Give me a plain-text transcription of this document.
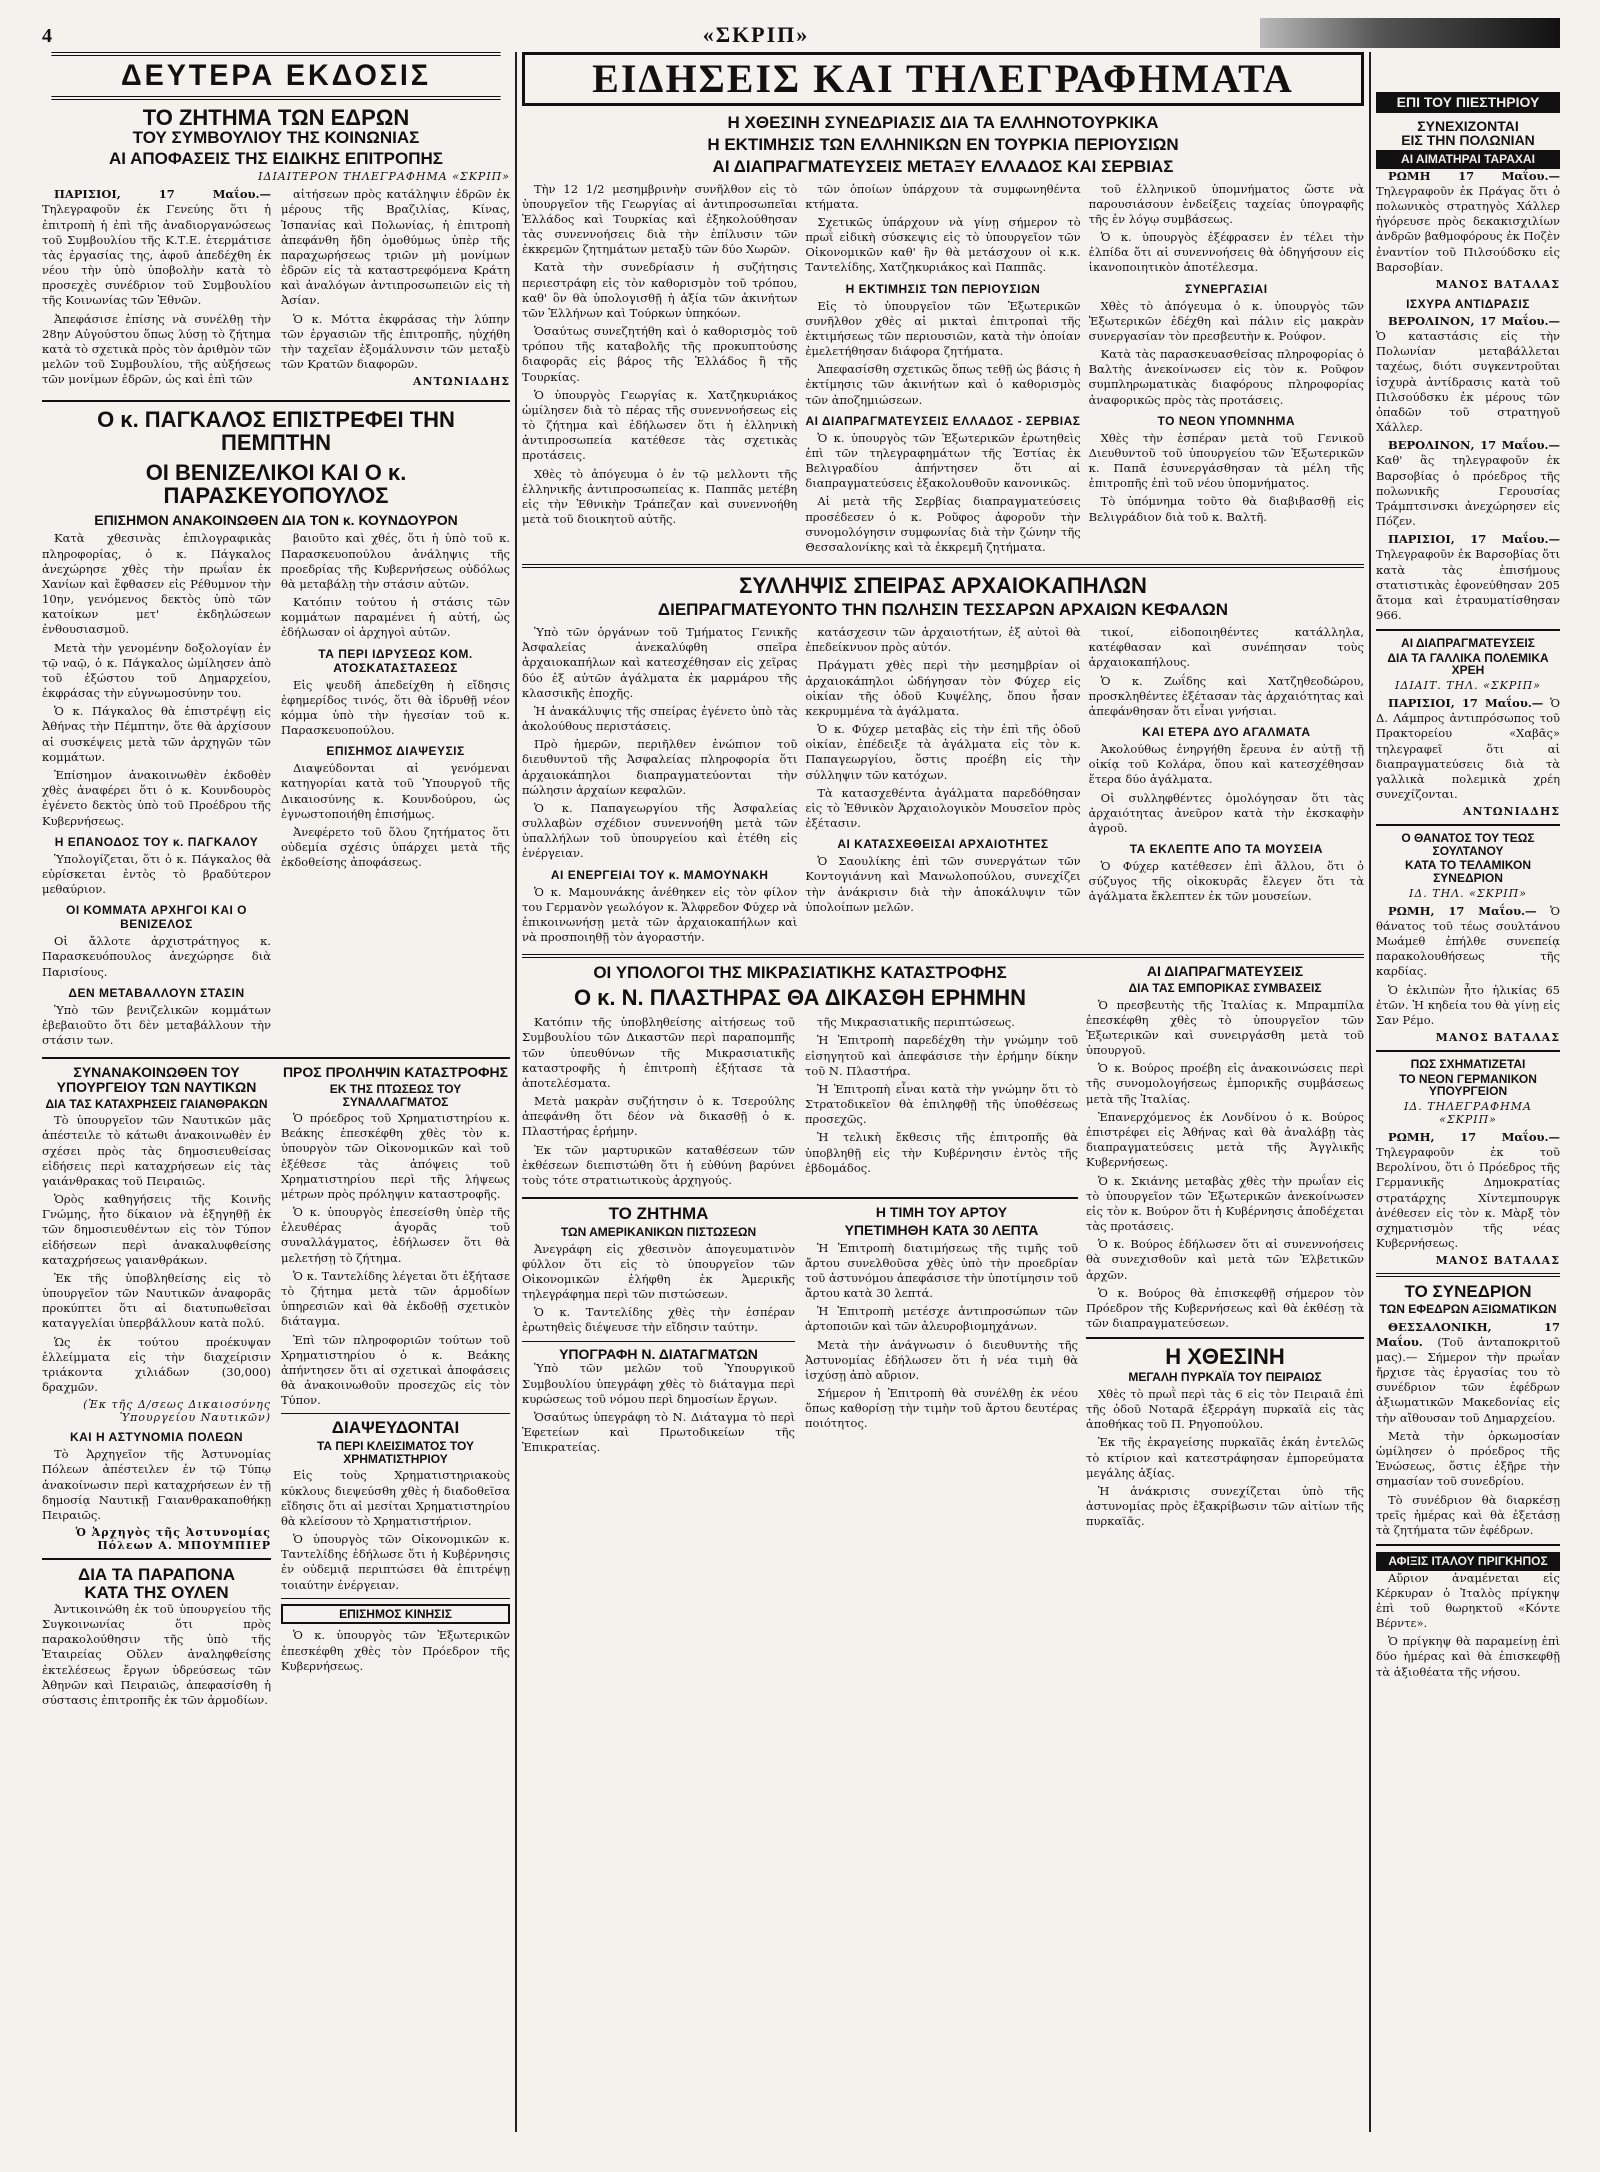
4	«ΣΚΡΙΠ»
ΔΕΥΤΕΡΑ ΕΚΔΟΣΙΣ
ΤΟ ΖΗΤΗΜΑ ΤΩΝ ΕΔΡΩΝ
ΤΟΥ ΣΥΜΒΟΥΛΙΟΥ ΤΗΣ ΚΟΙΝΩΝΙΑΣ
ΑΙ ΑΠΟΦΑΣΕΙΣ ΤΗΣ ΕΙΔΙΚΗΣ ΕΠΙΤΡΟΠΗΣ
ΙΔΙΑΙΤΕΡΟΝ ΤΗΛΕΓΡΑΦΗΜΑ «ΣΚΡΙΠ»

ΠΑΡΙΣΙΟΙ, 17 Μαΐου.— Τηλεγραφοῦν ἐκ Γενεύης ὅτι ἡ ἐπιτροπὴ ἡ ἐπὶ τῆς ἀναδιοργανώσεως τοῦ Συμβουλίου τῆς Κ.Τ.Ε. ἐτερμάτισε τὰς ἐργασίας της, ἀφοῦ ἀπεδέχθη ἐκ νέου τὴν ὑπὸ ὑποβολὴν κατὰ τὸ προσεχὲς συνέδριον τοῦ Συμβουλίου τῆς Κοινωνίας τῶν Ἐθνῶν.

Ἀπεφάσισε ἐπίσης νὰ συνέλθῃ τὴν 28ην Αὐγούστου ὅπως λύσῃ τὸ ζήτημα κατὰ τὸ σχετικὰ πρὸς τὸν ἀριθμὸν τῶν μελῶν τοῦ Συμβουλίου, τῆς αὐξήσεως τῶν μονίμων ἐδρῶν, ὡς καὶ ἐπὶ τῶν

αἰτήσεων πρὸς κατάληψιν ἐδρῶν ἐκ μέρους τῆς Βραζιλίας, Κίνας, Ἱσπανίας καὶ Πολωνίας, ἡ ἐπιτροπὴ ἀπεφάνθη ἤδη ὁμοθύμως ὑπὲρ τῆς παραχωρήσεως τριῶν μὴ μονίμων ἐδρῶν εἰς τὰ καταστρεφόμενα Κράτη καὶ ἀναλόγων ἀντιπροσωπειῶν εἰς τὴ Ἀσίαν.

Ὁ κ. Μόττα ἐκφράσας τὴν λύπην τῶν ἐργασιῶν τῆς ἐπιτροπῆς, ηὐχήθη τὴν ταχεῖαν ἐξομάλυνσιν τῶν μεταξὺ τῶν Κρατῶν διαφορῶν.

ΑΝΤΩΝΙΑΔΗΣ
Ο κ. ΠΑΓΚΑΛΟΣ ΕΠΙΣΤΡΕΦΕΙ ΤΗΝ ΠΕΜΠΤΗΝ
ΟΙ ΒΕΝΙΖΕΛΙΚΟΙ ΚΑΙ Ο κ. ΠΑΡΑΣΚΕΥΟΠΟΥΛΟΣ
ΕΠΙΣΗΜΟΝ ΑΝΑΚΟΙΝΩΘΕΝ ΔΙΑ ΤΟΝ κ. ΚΟΥΝΔΟΥΡΟΝ

Κατὰ χθεσινὰς ἐπιλογραφικὰς πληροφορίας, ὁ κ. Πάγκαλος ἀνεχώρησε χθὲς τὴν πρωΐαν ἐκ Χανίων καὶ ἔφθασεν εἰς Ρέθυμνον τὴν 10ην, γενόμενος δεκτὸς ὑπὸ τῶν κατοίκων μετ' ἐκδηλώσεων ἐνθουσιασμοῦ.

Μετὰ τὴν γενομένην δοξολογίαν ἐν τῷ ναῷ, ὁ κ. Πάγκαλος ὡμίλησεν ἀπὸ τοῦ ἐξώστου τοῦ Δημαρχείου, ἐκφράσας τὴν εὐγνωμοσύνην του.

Ὁ κ. Πάγκαλος θὰ ἐπιστρέψῃ εἰς Ἀθήνας τὴν Πέμπτην, ὅτε θὰ ἀρχίσουν αἱ συσκέψεις μετὰ τῶν ἀρχηγῶν τῶν κομμάτων.

Ἐπίσημον ἀνακοινωθὲν ἐκδοθὲν χθὲς ἀναφέρει ὅτι ὁ κ. Κουνδουρὸς ἐγένετο δεκτὸς ὑπὸ τοῦ Προέδρου τῆς Κυβερνήσεως.

Η ΕΠΑΝΟΔΟΣ ΤΟΥ κ. ΠΑΓΚΑΛΟΥ

Ὑπολογίζεται, ὅτι ὁ κ. Πάγκαλος θὰ εὑρίσκεται ἐντὸς τὸ βραδύτερον μεθαύριον.

ΟΙ ΚΟΜΜΑΤΑ ΑΡΧΗΓΟΙ ΚΑΙ Ο ΒΕΝΙΖΕΛΟΣ

Οἱ ἄλλοτε ἀρχιστράτηγος κ. Παρασκευόπουλος ἀνεχώρησε διὰ Παρισίους.

ΔΕΝ ΜΕΤΑΒΑΛΛΟΥΝ ΣΤΑΣΙΝ

Ὑπὸ τῶν βενιζελικῶν κομμάτων ἐβεβαιοῦτο ὅτι δὲν μεταβάλλουν τὴν στάσιν των.

βαιοῦτο καὶ χθές, ὅτι ἡ ὑπὸ τοῦ κ. Παρασκευοπούλου ἀνάληψις τῆς προεδρίας τῆς Κυβερνήσεως οὐδόλως θὰ μεταβάλῃ τὴν στάσιν αὐτῶν.

Κατόπιν τούτου ἡ στάσις τῶν κομμάτων παραμένει ἡ αὐτή, ὡς ἐδήλωσαν οἱ ἀρχηγοὶ αὐτῶν.

ΤΑ ΠΕΡΙ ΙΔΡΥΣΕΩΣ ΚΟΜ. ΑΤΟΣΚΑΤΑΣΤΑΣΕΩΣ

Εἰς ψευδῆ ἀπεδείχθη ἡ εἴδησις ἐφημερίδος τινός, ὅτι θὰ ἱδρυθῇ νέον κόμμα ὑπὸ τὴν ἡγεσίαν τοῦ κ. Παρασκευοπούλου.

ΕΠΙΣΗΜΟΣ ΔΙΑΨΕΥΣΙΣ

Διαψεύδονται αἱ γενόμεναι κατηγορίαι κατὰ τοῦ Ὑπουργοῦ τῆς Δικαιοσύνης κ. Κουνδούρου, ὡς ἐγνωστοποιήθη ἐπισήμως.

Ἀνεφέρετο τοῦ ὅλου ζητήματος ὅτι οὐδεμία σχέσις ὑπάρχει μετὰ τῆς ἐκδοθείσης ἀποφάσεως.

ΣΥΝΑΝΑΚΟΙΝΩΘΕΝ ΤΟΥ ΥΠΟΥΡΓΕΙΟΥ ΤΩΝ ΝΑΥΤΙΚΩΝ
ΔΙΑ ΤΑΣ ΚΑΤΑΧΡΗΣΕΙΣ ΓΑΙΑΝΘΡΑΚΩΝ

Τὸ ὑπουργεῖον τῶν Ναυτικῶν μᾶς ἀπέστειλε τὸ κάτωθι ἀνακοινωθὲν ἐν σχέσει πρὸς τὰς δημοσιευθείσας εἰδήσεις περὶ καταχρήσεων εἰς τὰς γαιάνθρακας τοῦ Πειραιῶς.

Ὁρὸς καθηγήσεις τῆς Κοινῆς Γνώμης, ἦτο δίκαιον νὰ ἐξηγηθῇ ἐκ τῶν δημοσιευθέντων εἰς τὸν Τύπον εἰδήσεων περὶ ἀνακαλυφθείσης καταχρήσεως γαιανθράκων.

Ἐκ τῆς ὑποβληθείσης εἰς τὸ ὑπουργεῖον τῶν Ναυτικῶν ἀναφορᾶς προκύπτει ὅτι αἱ διατυπωθεῖσαι καταγγελίαι ὑπερβάλλουν κατὰ πολύ.

Ὡς ἐκ τούτου προέκυψαν ἑλλείμματα εἰς τὴν διαχείρισιν τριάκοντα χιλιάδων (30,000) δραχμῶν.

(Ἐκ τῆς Δ/σεως Δικαιοσύνης Ὑπουργείου Ναυτικῶν)
ΚΑΙ Η ΑΣΤΥΝΟΜΙΑ ΠΟΛΕΩΝ

Τὸ Ἀρχηγεῖον τῆς Ἀστυνομίας Πόλεων ἀπέστειλεν ἐν τῷ Τύπῳ ἀνακοίνωσιν περὶ καταχρήσεων ἐν τῇ δημοσίᾳ Ναυτικῇ Γαιανθρακαποθήκῃ Πειραιῶς.

Ὁ Ἀρχηγὸς τῆς Ἀστυνομίας Πόλεων Α. ΜΠΟΥΜΠΙΕΡ
ΔΙΑ ΤΑ ΠΑΡΑΠΟΝΑ
ΚΑΤΑ ΤΗΣ ΟΥΛΕΝ

Ἀντικοινώθη ἐκ τοῦ ὑπουργείου τῆς Συγκοινωνίας ὅτι πρὸς παρακολούθησιν τῆς ὑπὸ τῆς Ἑταιρείας Οὔλεν ἀναληφθείσης ἐκτελέσεως ἔργων ὑδρεύσεως τῶν Ἀθηνῶν καὶ Πειραιῶς, ἀπεφασίσθη ἡ σύστασις ἐπιτροπῆς ἐκ τῶν ἁρμοδίων.

ΠΡΟΣ ΠΡΟΛΗΨΙΝ ΚΑΤΑΣΤΡΟΦΗΣ
ΕΚ ΤΗΣ ΠΤΩΣΕΩΣ ΤΟΥ ΣΥΝΑΛΛΑΓΜΑΤΟΣ

Ὁ πρόεδρος τοῦ Χρηματιστηρίου κ. Βεάκης ἐπεσκέφθη χθὲς τὸν κ. ὑπουργὸν τῶν Οἰκονομικῶν καὶ τοῦ ἐξέθεσε τὰς ἀπόψεις τοῦ Χρηματιστηρίου περὶ τῆς λήψεως μέτρων πρὸς πρόληψιν καταστροφῆς.

Ὁ κ. ὑπουργὸς ἐπεσείσθη ὑπὲρ τῆς ἐλευθέρας ἀγορᾶς τοῦ συναλλάγματος, ἐδήλωσεν ὅτι θὰ μελετήσῃ τὸ ζήτημα.

Ὁ κ. Ταντελίδης λέγεται ὅτι ἐξήτασε τὸ ζήτημα μετὰ τῶν ἁρμοδίων ὑπηρεσιῶν καὶ θὰ ἐκδοθῇ σχετικὸν διάταγμα.

Ἐπὶ τῶν πληροφοριῶν τούτων τοῦ Χρηματιστηρίου ὁ κ. Βεάκης ἀπήντησεν ὅτι αἱ σχετικαὶ ἀποφάσεις θὰ ἀνακοινωθοῦν προσεχῶς εἰς τὸν Τύπον.

ΔΙΑΨΕΥΔΟΝΤΑΙ
ΤΑ ΠΕΡΙ ΚΛΕΙΣΙΜΑΤΟΣ ΤΟΥ ΧΡΗΜΑΤΙΣΤΗΡΙΟΥ

Εἰς τοὺς Χρηματιστηριακοὺς κύκλους διεψεύσθη χθὲς ἡ διαδοθεῖσα εἴδησις ὅτι αἱ μεσίται Χρηματιστηρίου θὰ κλείσουν τὸ Χρηματιστήριον.

Ὁ ὑπουργὸς τῶν Οἰκονομικῶν κ. Ταντελίδης ἐδήλωσε ὅτι ἡ Κυβέρνησις ἐν οὐδεμιᾷ περιπτώσει θὰ ἐπιτρέψῃ τοιαύτην ἐνέργειαν.

ΕΠΙΣΗΜΟΣ ΚΙΝΗΣΙΣ

Ὁ κ. ὑπουργὸς τῶν Ἐξωτερικῶν ἐπεσκέφθη χθὲς τὸν Πρόεδρον τῆς Κυβερνήσεως.

ΕΙΔΗΣΕΙΣ ΚΑΙ ΤΗΛΕΓΡΑΦΗΜΑΤΑ
Η ΧΘΕΣΙΝΗ ΣΥΝΕΔΡΙΑΣΙΣ ΔΙΑ ΤΑ ΕΛΛΗΝΟΤΟΥΡΚΙΚΑ
Η ΕΚΤΙΜΗΣΙΣ ΤΩΝ ΕΛΛΗΝΙΚΩΝ ΕΝ ΤΟΥΡΚΙΑ ΠΕΡΙΟΥΣΙΩΝ
ΑΙ ΔΙΑΠΡΑΓΜΑΤΕΥΣΕΙΣ ΜΕΤΑΞΥ ΕΛΛΑΔΟΣ ΚΑΙ ΣΕΡΒΙΑΣ

Τὴν 12 1/2 μεσημβρινὴν συνῆλθον εἰς τὸ ὑπουργεῖον τῆς Γεωργίας αἱ ἀντιπροσωπεῖαι Ἑλλάδος καὶ Τουρκίας καὶ ἐξηκολούθησαν τὰς συνεννοήσεις διὰ τὴν ἐπίλυσιν τῶν ἐκκρεμῶν ζητημάτων μεταξὺ τῶν δύο Χωρῶν.

Κατὰ τὴν συνεδρίασιν ἡ συζήτησις περιεστράφη εἰς τὸν καθορισμὸν τοῦ τρόπου, καθ' ὃν θὰ ὑπολογισθῇ ἡ ἀξία τῶν ἀκινήτων τῶν Ἑλλήνων καὶ Τούρκων ὑπηκόων.

Ὁσαύτως συνεζητήθη καὶ ὁ καθορισμὸς τοῦ τρόπου τῆς καταβολῆς τῆς προκυπτούσης διαφορᾶς εἰς βάρος τῆς Ἑλλάδος ἢ τῆς Τουρκίας.

Ὁ ὑπουργὸς Γεωργίας κ. Χατζηκυριάκος ὡμίλησεν διὰ τὸ πέρας τῆς συνεννοήσεως εἰς τὸ ζήτημα καὶ ἐδήλωσεν ὅτι ἡ ἑλληνικὴ ἀντιπροσωπεία κατέθεσε τὰς σχετικὰς προτάσεις.

Χθὲς τὸ ἀπόγευμα ὁ ἐν τῷ μελλοντι τῆς ἑλληνικῆς ἀντιπροσωπείας κ. Παππᾶς μετέβη εἰς τὴν Ἐθνικὴν Τράπεζαν καὶ συνεννοήθη μετὰ τοῦ διοικητοῦ αὐτῆς.

τῶν ὁποίων ὑπάρχουν τὰ συμφωνηθέντα κτήματα.

Σχετικῶς ὑπάρχουν νὰ γίνῃ σήμερον τὸ πρωῒ εἰδικὴ σύσκεψις εἰς τὸ ὑπουργεῖον τῶν Οἰκονομικῶν καθ' ἣν θὰ μετάσχουν οἱ κ.κ. Ταντελίδης, Χατζηκυριάκος καὶ Παππᾶς.

Η ΕΚΤΙΜΗΣΙΣ ΤΩΝ ΠΕΡΙΟΥΣΙΩΝ

Εἰς τὸ ὑπουργεῖον τῶν Ἐξωτερικῶν συνῆλθον χθὲς αἱ μικταὶ ἐπιτροπαὶ τῆς ἐκτιμήσεως τῶν περιουσιῶν, κατὰ τὴν ὁποίαν ἐμελετήθησαν διάφορα ζητήματα.

Ἀπεφασίσθη σχετικῶς ὅπως τεθῇ ὡς βάσις ἡ ἐκτίμησις τῶν ἀκινήτων καὶ ὁ καθορισμὸς τῶν ἀποζημιώσεων.

ΑΙ ΔΙΑΠΡΑΓΜΑΤΕΥΣΕΙΣ ΕΛΛΑΔΟΣ - ΣΕΡΒΙΑΣ

Ὁ κ. ὑπουργὸς τῶν Ἐξωτερικῶν ἐρωτηθεὶς ἐπὶ τῶν τηλεγραφημάτων τῆς Ἑστίας ἐκ Βελιγραδίου ἀπήντησεν ὅτι αἱ διαπραγματεύσεις ἐξακολουθοῦν κανονικῶς.

Αἱ μετὰ τῆς Σερβίας διαπραγματεύσεις προσέδεσεν ὁ κ. Ροῦφος ἀφοροῦν τὴν συνομολόγησιν συμφωνίας διὰ τὴν ζώνην τῆς Θεσσαλονίκης καὶ τὰ ἐκκρεμῆ ζητήματα.

τοῦ ἑλληνικοῦ ὑπομνήματος ὥστε νὰ παρουσιάσουν ἐνδείξεις ταχείας ὑπογραφῆς τῆς ἐν λόγῳ συμβάσεως.

Ὁ κ. ὑπουργὸς ἐξέφρασεν ἐν τέλει τὴν ἐλπίδα ὅτι αἱ συνεννοήσεις θὰ ὁδηγήσουν εἰς ἱκανοποιητικὸν ἀποτέλεσμα.

ΣΥΝΕΡΓΑΣΙΑΙ

Χθὲς τὸ ἀπόγευμα ὁ κ. ὑπουργὸς τῶν Ἐξωτερικῶν ἐδέχθη καὶ πάλιν εἰς μακρὰν συνεργασίαν τὸν πρεσβευτὴν κ. Ρούφον.

Κατὰ τὰς παρασκευασθείσας πληροφορίας ὁ Βαλτὴς ἀνεκοίνωσεν εἰς τὸν κ. Ροῦφον συμπληρωματικὰς διαφόρους πληροφορίας ἀναφορικῶς πρὸς τὰς προτάσεις.

ΤΟ ΝΕΟΝ ΥΠΟΜΝΗΜΑ

Χθὲς τὴν ἑσπέραν μετὰ τοῦ Γενικοῦ Διευθυντοῦ τοῦ ὑπουργείου τῶν Ἐξωτερικῶν κ. Παπᾶ ἐσυνεργάσθησαν τὰ μέλη τῆς ἐπιτροπῆς ἐπὶ τοῦ νέου ὑπομνήματος.

Τὸ ὑπόμνημα τοῦτο θὰ διαβιβασθῇ εἰς Βελιγράδιον διὰ τοῦ κ. Βαλτῆ.

ΣΥΛΛΗΨΙΣ ΣΠΕΙΡΑΣ ΑΡΧΑΙΟΚΑΠΗΛΩΝ
ΔΙΕΠΡΑΓΜΑΤΕΥΟΝΤΟ ΤΗΝ ΠΩΛΗΣΙΝ ΤΕΣΣΑΡΩΝ ΑΡΧΑΙΩΝ ΚΕΦΑΛΩΝ

Ὑπὸ τῶν ὀργάνων τοῦ Τμήματος Γενικῆς Ἀσφαλείας ἀνεκαλύφθη σπεῖρα ἀρχαιοκαπήλων καὶ κατεσχέθησαν εἰς χεῖρας δύο ἐξ αὐτῶν ἀγάλματα ἐκ μαρμάρου τῆς κλασσικῆς ἐποχῆς.

Ἡ ἀνακάλυψις τῆς σπείρας ἐγένετο ὑπὸ τὰς ἀκολούθους περιστάσεις.

Πρὸ ἡμερῶν, περιῆλθεν ἐνώπιον τοῦ διευθυντοῦ τῆς Ἀσφαλείας πληροφορία ὅτι ἀρχαιοκάπηλοι διαπραγματεύονται τὴν πώλησιν ἀρχαίων κεφαλῶν.

Ὁ κ. Παπαγεωργίου τῆς Ἀσφαλείας συλλαβὼν σχέδιον συνεννοήθη μετὰ τῶν ὑπαλλήλων τοῦ ὑπουργείου καὶ ἐτέθη εἰς ἐνέργειαν.

ΑΙ ΕΝΕΡΓΕΙΑΙ ΤΟΥ κ. ΜΑΜΟΥΝΑΚΗ

Ὁ κ. Μαμουνάκης ἀνέθηκεν εἰς τὸν φίλον του Γερμανὸν γεωλόγον κ. Ἄλφρεδον Φύχερ νὰ ἐπικοινωνήσῃ μετὰ τῶν ἀρχαιοκαπήλων καὶ νὰ προσποιηθῇ τὸν ἀγοραστήν.

κατάσχεσιν τῶν ἀρχαιοτήτων, ἐξ αὐτοὶ θὰ ἐπεδείκνυον πρὸς αὐτόν.

Πράγματι χθὲς περὶ τὴν μεσημβρίαν οἱ ἀρχαιοκάπηλοι ὡδήγησαν τὸν Φύχερ εἰς οἰκίαν τῆς ὁδοῦ Κυψέλης, ὅπου ἦσαν κεκρυμμένα τὰ ἀγάλματα.

Ὁ κ. Φύχερ μεταβὰς εἰς τὴν ἐπὶ τῆς ὁδοῦ οἰκίαν, ἐπέδειξε τὰ ἀγάλματα εἰς τὸν κ. Παπαγεωργίου, ὅστις προέβη εἰς τὴν σύλληψιν τῶν κατόχων.

Τὰ κατασχεθέντα ἀγάλματα παρεδόθησαν εἰς τὸ Ἐθνικὸν Ἀρχαιολογικὸν Μουσεῖον πρὸς ἐξέτασιν.

ΑΙ ΚΑΤΑΣΧΕΘΕΙΣΑΙ ΑΡΧΑΙΟΤΗΤΕΣ

Ὁ Σαουλίκης ἐπὶ τῶν συνεργάτων τῶν Κοντογιάννη καὶ Μανωλοπούλου, συνεχίζει τὴν ἀνάκρισιν διὰ τὴν ἀποκάλυψιν τῶν ὑπολοίπων μελῶν.

τικοί, εἰδοποιηθέντες κατάλληλα, κατέφθασαν καὶ συνέπησαν τοὺς ἀρχαιοκαπήλους.

Ὁ κ. Ζωΐδης καὶ Χατζηθεοδώρου, προσκληθέντες ἐξέτασαν τὰς ἀρχαιότητας καὶ ἀπεφάνθησαν ὅτι εἶναι γνήσιαι.

ΚΑΙ ΕΤΕΡΑ ΔΥΟ ΑΓΑΛΜΑΤΑ

Ἀκολούθως ἐνηργήθη ἔρευνα ἐν αὐτῇ τῇ οἰκίᾳ τοῦ Κολάρα, ὅπου καὶ κατεσχέθησαν ἕτερα δύο ἀγάλματα.

Οἱ συλληφθέντες ὁμολόγησαν ὅτι τὰς ἀρχαιότητας ἀνεῦρον κατὰ τὴν ἐκσκαφὴν ἀγροῦ.

ΤΑ ΕΚΛΕΠΤΕ ΑΠΟ ΤΑ ΜΟΥΣΕΙΑ

Ὁ Φύχερ κατέθεσεν ἐπὶ ἄλλου, ὅτι ὁ σύζυγος τῆς οἰκοκυρᾶς ἔλεγεν ὅτι τὰ ἀγάλματα ἔκλεπτεν ἐκ τῶν μουσείων.

ΟΙ ΥΠΟΛΟΓΟΙ ΤΗΣ ΜΙΚΡΑΣΙΑΤΙΚΗΣ ΚΑΤΑΣΤΡΟΦΗΣ
Ο κ. Ν. ΠΛΑΣΤΗΡΑΣ ΘΑ ΔΙΚΑΣΘΗ ΕΡΗΜΗΝ

Κατόπιν τῆς ὑποβληθείσης αἰτήσεως τοῦ Συμβουλίου τῶν Δικαστῶν περὶ παραπομπῆς τῶν ὑπευθύνων τῆς Μικρασιατικῆς καταστροφῆς ἡ ἐπιτροπὴ ἐξήτασε τὰ ἀποτελέσματα.

Μετὰ μακρὰν συζήτησιν ὁ κ. Τσερούλης ἀπεφάνθη ὅτι δέον νὰ δικασθῇ ὁ κ. Πλαστήρας ἐρήμην.

Ἐκ τῶν μαρτυρικῶν καταθέσεων τῶν ἐκθέσεων διεπιστώθη ὅτι ἡ εὐθύνη βαρύνει τοὺς τότε στρατιωτικοὺς ἀρχηγούς.

τῆς Μικρασιατικῆς περιπτώσεως.

Ἡ Ἐπιτροπὴ παρεδέχθη τὴν γνώμην τοῦ εἰσηγητοῦ καὶ ἀπεφάσισε τὴν ἐρήμην δίκην τοῦ Ν. Πλαστήρα.

Ἡ Ἐπιτροπὴ εἶναι κατὰ τὴν γνώμην ὅτι τὸ Στρατοδικεῖον θὰ ἐπιληφθῇ τῆς ὑποθέσεως προσεχῶς.

Ἡ τελικὴ ἔκθεσις τῆς ἐπιτροπῆς θὰ ὑποβληθῇ εἰς τὴν Κυβέρνησιν ἐντὸς τῆς ἑβδομάδος.

ΤΟ ΖΗΤΗΜΑ
ΤΩΝ ΑΜΕΡΙΚΑΝΙΚΩΝ ΠΙΣΤΩΣΕΩΝ

Ἀνεγράφη εἰς χθεσινὸν ἀπογευματινὸν φύλλον ὅτι εἰς τὸ ὑπουργεῖον τῶν Οἰκονομικῶν ἐλήφθη ἐκ Ἀμερικῆς τηλεγράφημα περὶ τῶν πιστώσεων.

Ὁ κ. Ταντελίδης χθὲς τὴν ἑσπέραν ἐρωτηθεὶς διέψευσε τὴν εἴδησιν ταύτην.

ΥΠΟΓΡΑΦΗ Ν. ΔΙΑΤΑΓΜΑΤΩΝ

Ὑπὸ τῶν μελῶν τοῦ Ὑπουργικοῦ Συμβουλίου ὑπεγράφη χθὲς τὸ διάταγμα περὶ κυρώσεως τοῦ νόμου περὶ δημοσίων ἔργων.

Ὁσαύτως ὑπεγράφη τὸ Ν. Διάταγμα τὸ περὶ Ἐφετείων καὶ Πρωτοδικείων τῆς Ἐπικρατείας.

Η ΤΙΜΗ ΤΟΥ ΑΡΤΟΥ
ΥΠΕΤΙΜΗΘΗ ΚΑΤΑ 30 ΛΕΠΤΑ

Ἡ Ἐπιτροπὴ διατιμήσεως τῆς τιμῆς τοῦ ἄρτου συνελθοῦσα χθὲς ὑπὸ τὴν προεδρίαν τοῦ ἀστυνόμου ἀπεφάσισε τὴν ὑποτίμησιν τοῦ ἄρτου κατὰ 30 λεπτά.

Ἡ Ἐπιτροπὴ μετέσχε ἀντιπροσώπων τῶν ἀρτοποιῶν καὶ τῶν ἀλευροβιομηχάνων.

Μετὰ τὴν ἀνάγνωσιν ὁ διευθυντὴς τῆς Ἀστυνομίας ἐδήλωσεν ὅτι ἡ νέα τιμὴ θὰ ἰσχύσῃ ἀπὸ αὔριον.

Σήμερον ἡ Ἐπιτροπὴ θὰ συνέλθῃ ἐκ νέου ὅπως καθορίσῃ τὴν τιμὴν τοῦ ἄρτου δευτέρας ποιότητος.

ΑΙ ΔΙΑΠΡΑΓΜΑΤΕΥΣΕΙΣ
ΔΙΑ ΤΑΣ ΕΜΠΟΡΙΚΑΣ ΣΥΜΒΑΣΕΙΣ

Ὁ πρεσβευτὴς τῆς Ἰταλίας κ. Μπραμπίλα ἐπεσκέφθη χθὲς τὸ ὑπουργεῖον τῶν Ἐξωτερικῶν καὶ συνειργάσθη μετὰ τοῦ ὑπουργοῦ.

Ὁ κ. Βούρος προέβη εἰς ἀνακοινώσεις περὶ τῆς συνομολογήσεως ἐμπορικῆς συμβάσεως μετὰ τῆς Ἰταλίας.

Ἐπανερχόμενος ἐκ Λονδίνου ὁ κ. Βούρος ἐπιστρέφει εἰς Ἀθήνας καὶ θὰ ἀναλάβῃ τὰς διαπραγματεύσεις μετὰ τῆς Ἀγγλικῆς Κυβερνήσεως.

Ὁ κ. Σκιάνης μεταβὰς χθὲς τὴν πρωΐαν εἰς τὸ ὑπουργεῖον τῶν Ἐξωτερικῶν ἀνεκοίνωσεν εἰς τὸν κ. Βούρον ὅτι ἡ Κυβέρνησις ἀποδέχεται τὰς προτάσεις.

Ὁ κ. Βούρος ἐδήλωσεν ὅτι αἱ συνεννοήσεις θὰ συνεχισθοῦν καὶ μετὰ τῶν Ἑλβετικῶν ἀρχῶν.

Ὁ κ. Βούρος θὰ ἐπισκεφθῇ σήμερον τὸν Πρόεδρον τῆς Κυβερνήσεως καὶ θὰ ἐκθέσῃ τὰ τῶν διαπραγματεύσεων.

Η ΧΘΕΣΙΝΗ
ΜΕΓΑΛΗ ΠΥΡΚΑΪΑ ΤΟΥ ΠΕΙΡΑΙΩΣ

Χθὲς τὸ πρωῒ περὶ τὰς 6 εἰς τὸν Πειραιᾶ ἐπὶ τῆς ὁδοῦ Νοταρᾶ ἐξερράγη πυρκαϊὰ εἰς τὰς ἀποθήκας τοῦ Π. Ρηγοπούλου.

Ἐκ τῆς ἐκραγείσης πυρκαϊᾶς ἐκάη ἐντελῶς τὸ κτίριον καὶ κατεστράφησαν ἐμπορεύματα μεγάλης ἀξίας.

Ἡ ἀνάκρισις συνεχίζεται ὑπὸ τῆς ἀστυνομίας πρὸς ἐξακρίβωσιν τῶν αἰτίων τῆς πυρκαϊᾶς.

ΕΠΙ ΤΟΥ ΠΙΕΣΤΗΡΙΟΥ
ΣΥΝΕΧΙΖΟΝΤΑΙ
ΕΙΣ ΤΗΝ ΠΟΛΩΝΙΑΝ
ΑΙ ΑΙΜΑΤΗΡΑΙ ΤΑΡΑΧΑΙ

ΡΩΜΗ 17 Μαΐου.— Τηλεγραφοῦν ἐκ Πράγας ὅτι ὁ πολωνικὸς στρατηγὸς Χάλλερ ἠγόρευσε πρὸς δεκακισχιλίων ἀνδρῶν βαθμοφόρους ἐκ Ποζὲν ἐναντίον τοῦ Πιλσούδσκυ εἰς Βαρσοβίαν.

ΜΑΝΟΣ ΒΑΤΑΛΑΣ
ΙΣΧΥΡΑ ΑΝΤΙΔΡΑΣΙΣ

ΒΕΡΟΛΙΝΟΝ, 17 Μαΐου.— Ὁ καταστάσις εἰς τὴν Πολωνίαν μεταβάλλεται ταχέως, διότι συγκεντροῦται ἰσχυρὰ ἀντίδρασις κατὰ τοῦ Πιλσούδσκυ ἐκ μέρους τῶν ὀπαδῶν τοῦ στρατηγοῦ Χάλλερ.

ΒΕΡΟΛΙΝΟΝ, 17 Μαΐου.— Καθ' ἃς τηλεγραφοῦν ἐκ Βαρσοβίας ὁ πρόεδρος τῆς πολωνικῆς Γερουσίας Τράμπτσινσκι ἀνεχώρησεν εἰς Πόζεν.

ΠΑΡΙΣΙΟΙ, 17 Μαΐου.— Τηλεγραφοῦν ἐκ Βαρσοβίας ὅτι κατὰ τὰς ἐπισήμους στατιστικὰς ἐφονεύθησαν 205 ἄτομα καὶ ἐτραυματίσθησαν 966.

ΑΙ ΔΙΑΠΡΑΓΜΑΤΕΥΣΕΙΣ
ΔΙΑ ΤΑ ΓΑΛΛΙΚΑ ΠΟΛΕΜΙΚΑ ΧΡΕΗ
ΙΔΙΑΙΤ. ΤΗΛ. «ΣΚΡΙΠ»

ΠΑΡΙΣΙΟΙ, 17 Μαΐου.— Ὁ Δ. Λάμπρος ἀντιπρόσωπος τοῦ Πρακτορείου «Χαβᾶς» τηλεγραφεῖ ὅτι αἱ διαπραγματεύσεις διὰ τὰ γαλλικὰ πολεμικὰ χρέη συνεχίζονται.

ΑΝΤΩΝΙΑΔΗΣ
Ο ΘΑΝΑΤΟΣ ΤΟΥ ΤΕΩΣ ΣΟΥΛΤΑΝΟΥ
ΚΑΤΑ ΤΟ ΤΕΛΑΜΙΚΟΝ ΣΥΝΕΔΡΙΟΝ
ΙΔ. ΤΗΛ. «ΣΚΡΙΠ»

ΡΩΜΗ, 17 Μαΐου.— Ὁ θάνατος τοῦ τέως σουλτάνου Μωάμεθ ἐπήλθε συνεπείᾳ παρακολουθήσεως τῆς καρδίας.

Ὁ ἐκλιπὼν ἦτο ἡλικίας 65 ἐτῶν. Ἡ κηδεία του θὰ γίνῃ εἰς Σαν Ρέμο.

ΜΑΝΟΣ ΒΑΤΑΛΑΣ
ΠΩΣ ΣΧΗΜΑΤΙΖΕΤΑΙ
ΤΟ ΝΕΟΝ ΓΕΡΜΑΝΙΚΟΝ ΥΠΟΥΡΓΕΙΟΝ
ΙΔ. ΤΗΛΕΓΡΑΦΗΜΑ «ΣΚΡΙΠ»

ΡΩΜΗ, 17 Μαΐου.— Τηλεγραφοῦν ἐκ τοῦ Βερολίνου, ὅτι ὁ Πρόεδρος τῆς Γερμανικῆς Δημοκρατίας στρατάρχης Χίντεμπουργκ ἀνέθεσεν εἰς τὸν κ. Μὰρξ τὸν σχηματισμὸν τῆς νέας Κυβερνήσεως.

ΜΑΝΟΣ ΒΑΤΑΛΑΣ
ΤΟ ΣΥΝΕΔΡΙΟΝ
ΤΩΝ ΕΦΕΔΡΩΝ ΑΞΙΩΜΑΤΙΚΩΝ

ΘΕΣΣΑΛΟΝΙΚΗ, 17 Μαΐου. (Τοῦ ἀνταποκριτοῦ μας).— Σήμερον τὴν πρωΐαν ἤρχισε τὰς ἐργασίας του τὸ συνέδριον τῶν ἐφέδρων ἀξιωματικῶν Μακεδονίας εἰς τὴν αἴθουσαν τοῦ Δημαρχείου.

Μετὰ τὴν ὁρκωμοσίαν ὡμίλησεν ὁ πρόεδρος τῆς Ἐνώσεως, ὅστις ἐξῆρε τὴν σημασίαν τοῦ συνεδρίου.

Τὸ συνέδριον θὰ διαρκέσῃ τρεῖς ἡμέρας καὶ θὰ ἐξετάσῃ τὰ ζητήματα τῶν ἐφέδρων.

ΑΦΙΞΙΣ ΙΤΑΛΟΥ ΠΡΙΓΚΗΠΟΣ

Αὔριον ἀναμένεται εἰς Κέρκυραν ὁ Ἰταλὸς πρίγκηψ ἐπὶ τοῦ θωρηκτοῦ «Κόντε Βέρντε».

Ὁ πρίγκηψ θὰ παραμείνῃ ἐπὶ δύο ἡμέρας καὶ θὰ ἐπισκεφθῇ τὰ ἀξιοθέατα τῆς νήσου.
